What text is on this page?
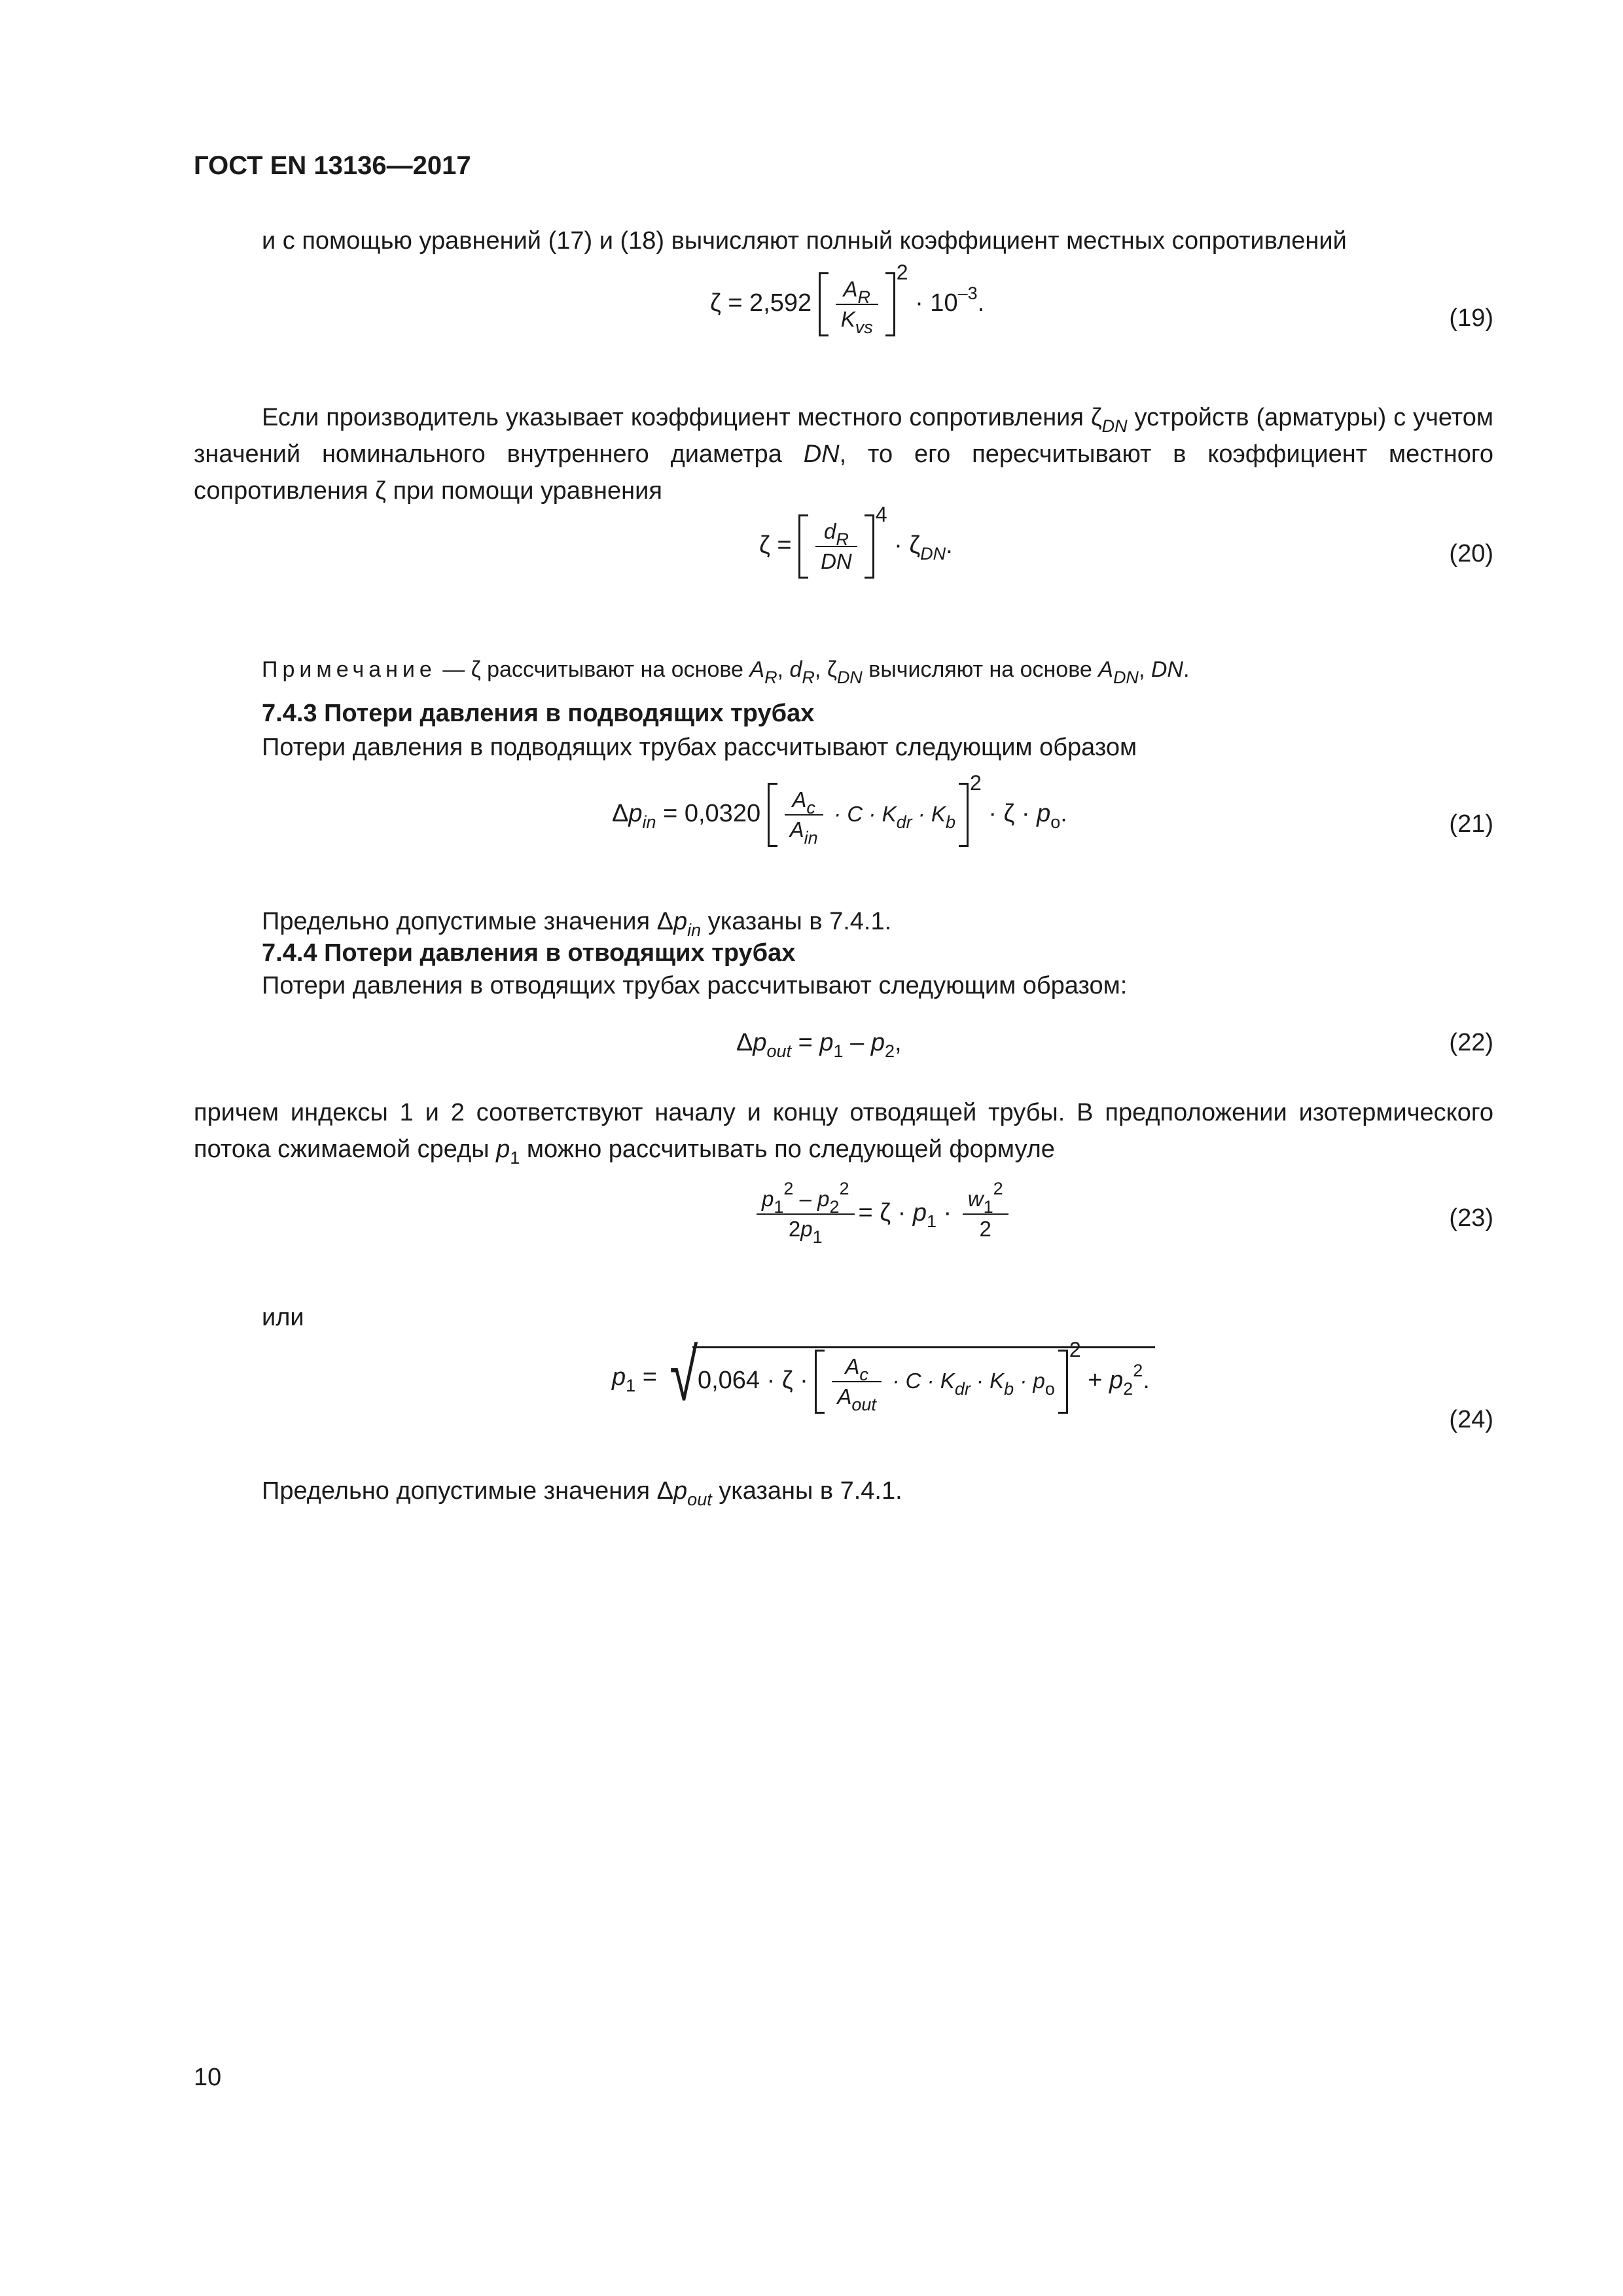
ГОСТ EN 13136—2017
и с помощью уравнений (17) и (18) вычисляют полный коэффициент местных сопротивлений
$\zeta = 2,592 \frac{A_R}{K_{vs}}$
$^2 \cdot 10^{-3}$.
(19)
Если производитель указывает коэффициент местного сопротивления $\zeta_{DN}$ устройств (арматуры) с учетом значений номинального внутреннего диаметра DN, то его пересчитывают в коэффициент местного сопротивления ζ при помощи уравнения
$\zeta = \frac{d_R}{DN}$
$^4 \cdot \zeta_{DN}$.	(20)
Примечание — ζ рассчитывают на основе $A_R$, $d_R$, $\zeta_{DN}$ вычисляют на основе $A_{DN}$, DN.
7.4.3 Потери давления в подводящих трубах
Потери давления в подводящих трубах рассчитывают следующим образом
$\Delta p_{in} = 0,0320 \frac{A_c}{A_{in}} \cdot C \cdot K_{dr} \cdot K_b^2 \cdot \zeta \cdot p_o$.	(21)
Предельно допустимые значения $\Delta p_{in}$ указаны в 7.4.1.
7.4.4 Потери давления в отводящих трубах
Потери давления в отводящих трубах рассчитывают следующим образом:
$\Delta p_{out} = p_1 - p_2$,	(22)
причем индексы 1 и 2 соответствуют началу и концу отводящей трубы. В предположении изотермического потока сжимаемой среды $p_1$ можно рассчитывать по следующей формуле
$\frac{p_1^2 - p_2^2}{2p_1} = \zeta \cdot p_1 \cdot \frac{w_1^2}{2}$	(23)
или
$p_1 = √0,064 \cdot \zeta \cdot \frac{A_c}{A_{out}} \cdot C \cdot K_{dr} \cdot K_b \cdot p_o^2 + p_2^2$.
(24)
Предельно допустимые значения $\Delta p_{out}$ указаны в 7.4.1.
10
